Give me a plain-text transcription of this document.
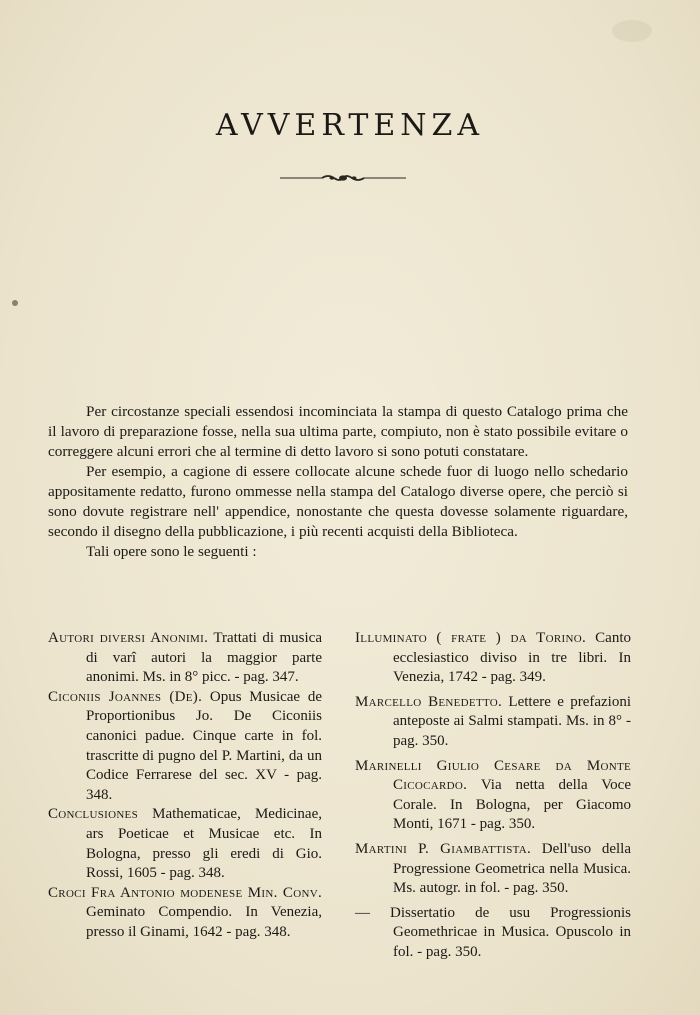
AVVERTENZA

Per circostanze speciali essendosi incominciata la stampa di questo Catalogo prima che il lavoro di preparazione fosse, nella sua ultima parte, compiuto, non è stato possibile evitare o correggere alcuni errori che al termine di detto lavoro si sono potuti constatare.

Per esempio, a cagione di essere collocate alcune schede fuor di luogo nello schedario appositamente redatto, furono ommesse nella stampa del Catalogo diverse opere, che perciò si sono dovute registrare nell' appendice, nonostante che questa dovesse solamente riguardare, secondo il disegno della pubblicazione, i più recenti acquisti della Biblioteca.

Tali opere sono le seguenti :

Autori diversi Anonimi. Trattati di musica di varî autori la maggior parte anonimi. Ms. in 8° picc. - pag. 347.

Ciconiis Joannes (De). Opus Musicae de Proportionibus Jo. De Ciconiis canonici padue. Cinque carte in fol. trascritte di pugno del P. Martini, da un Codice Ferrarese del sec. XV - pag. 348.

Conclusiones Mathematicae, Medicinae, ars Poeticae et Musicae etc. In Bologna, presso gli eredi di Gio. Rossi, 1605 - pag. 348.

Croci Fra Antonio modenese Min. Conv. Geminato Compendio. In Venezia, presso il Ginami, 1642 - pag. 348.

Illuminato ( frate ) da Torino. Canto ecclesiastico diviso in tre libri. In Venezia, 1742 - pag. 349.

Marcello Benedetto. Lettere e prefazioni anteposte ai Salmi stampati. Ms. in 8° - pag. 350.

Marinelli Giulio Cesare da Monte Cicocardo. Via netta della Voce Corale. In Bologna, per Giacomo Monti, 1671 - pag. 350.

Martini P. Giambattista. Dell'uso della Progressione Geometrica nella Musica. Ms. autogr. in fol. - pag. 350.

— Dissertatio de usu Progressionis Geomethricae in Musica. Opuscolo in fol. - pag. 350.
